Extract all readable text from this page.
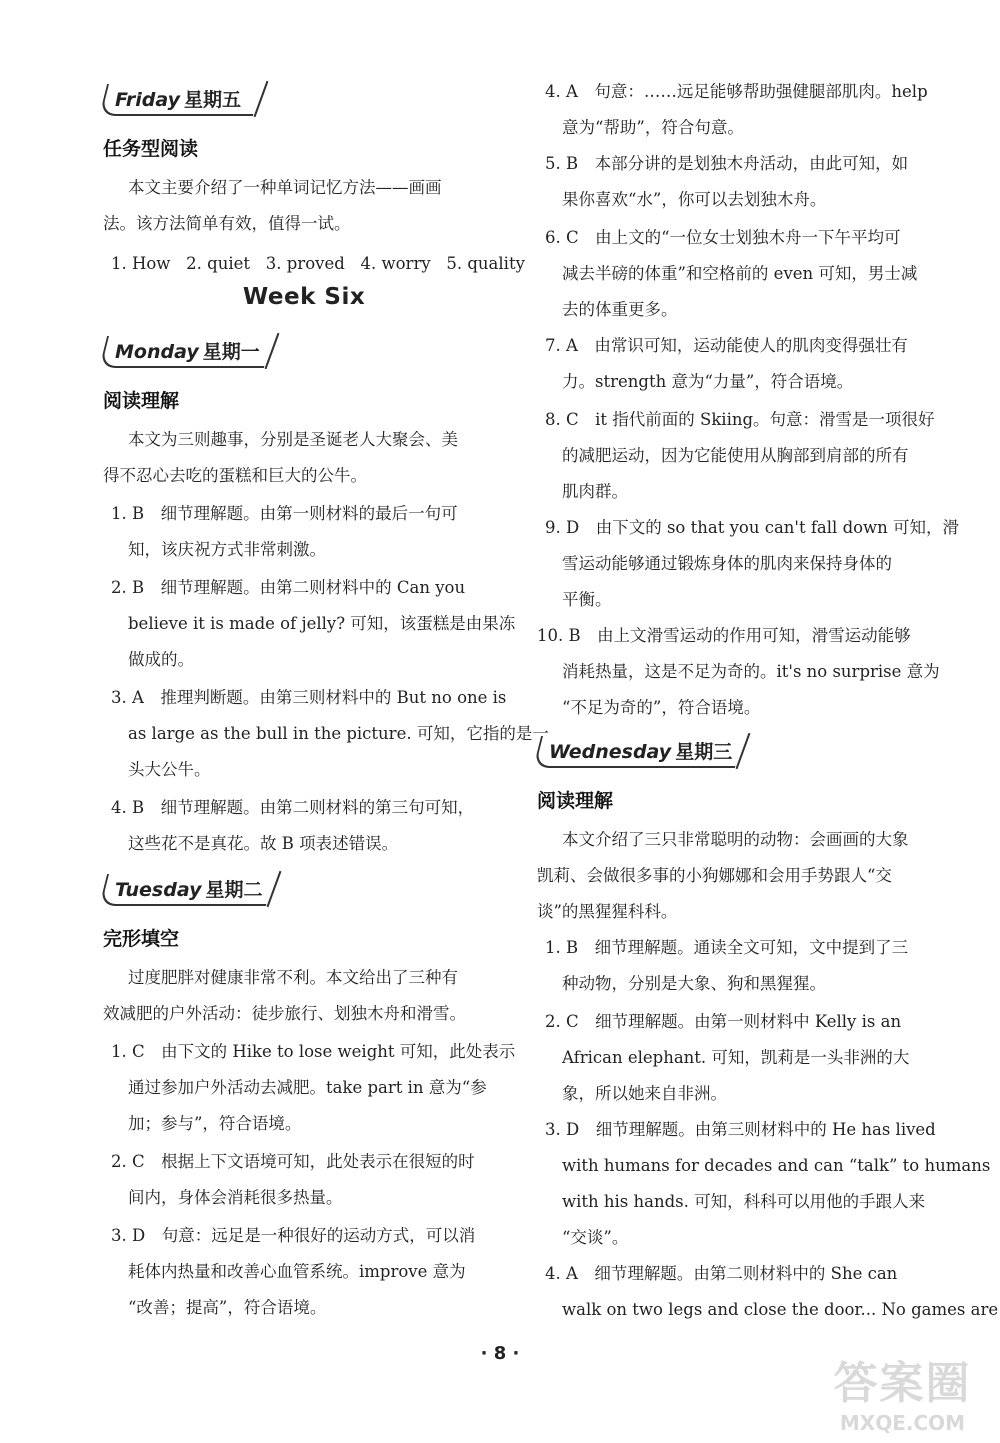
Friday 星期五
任务型阅读
本文主要介绍了一种单词记忆方法——画画
法。该方法简单有效，值得一试。
1. How   2. quiet   3. proved   4. worry   5. quality
Week Six
Monday 星期一
阅读理解
本文为三则趣事，分别是圣诞老人大聚会、美
得不忍心去吃的蛋糕和巨大的公牛。
1. B　细节理解题。由第一则材料的最后一句可
知，该庆祝方式非常刺激。
2. B　细节理解题。由第二则材料中的 Can you
believe it is made of jelly? 可知，该蛋糕是由果冻
做成的。
3. A　推理判断题。由第三则材料中的 But no one is
as large as the bull in the picture. 可知，它指的是一
头大公牛。
4. B　细节理解题。由第二则材料的第三句可知，
这些花不是真花。故 B 项表述错误。
Tuesday 星期二
完形填空
过度肥胖对健康非常不利。本文给出了三种有
效减肥的户外活动：徒步旅行、划独木舟和滑雪。
1. C　由下文的 Hike to lose weight 可知，此处表示
通过参加户外活动去减肥。take part in 意为“参
加；参与”，符合语境。
2. C　根据上下文语境可知，此处表示在很短的时
间内，身体会消耗很多热量。
3. D　句意：远足是一种很好的运动方式，可以消
耗体内热量和改善心血管系统。improve 意为
“改善；提高”，符合语境。
4. A　句意：……远足能够帮助强健腿部肌肉。help
意为“帮助”，符合句意。
5. B　本部分讲的是划独木舟活动，由此可知，如
果你喜欢“水”，你可以去划独木舟。
6. C　由上文的“一位女士划独木舟一下午平均可
减去半磅的体重”和空格前的 even 可知，男士减
去的体重更多。
7. A　由常识可知，运动能使人的肌肉变得强壮有
力。strength 意为“力量”，符合语境。
8. C　it 指代前面的 Skiing。句意：滑雪是一项很好
的减肥运动，因为它能使用从胸部到肩部的所有
肌肉群。
9. D　由下文的 so that you can't fall down 可知，滑
雪运动能够通过锻炼身体的肌肉来保持身体的
平衡。
10. B　由上文滑雪运动的作用可知，滑雪运动能够
消耗热量，这是不足为奇的。it's no surprise 意为
“不足为奇的”，符合语境。
Wednesday 星期三
阅读理解
本文介绍了三只非常聪明的动物：会画画的大象
凯莉、会做很多事的小狗娜娜和会用手势跟人“交
谈”的黑猩猩科科。
1. B　细节理解题。通读全文可知，文中提到了三
种动物，分别是大象、狗和黑猩猩。
2. C　细节理解题。由第一则材料中 Kelly is an
African elephant. 可知，凯莉是一头非洲的大
象，所以她来自非洲。
3. D　细节理解题。由第三则材料中的 He has lived
with humans for decades and can “talk” to humans
with his hands. 可知，科科可以用他的手跟人来
“交谈”。
4. A　细节理解题。由第二则材料中的 She can
walk on two legs and close the door... No games are
· 8 ·
答案圈
MXQE.COM
